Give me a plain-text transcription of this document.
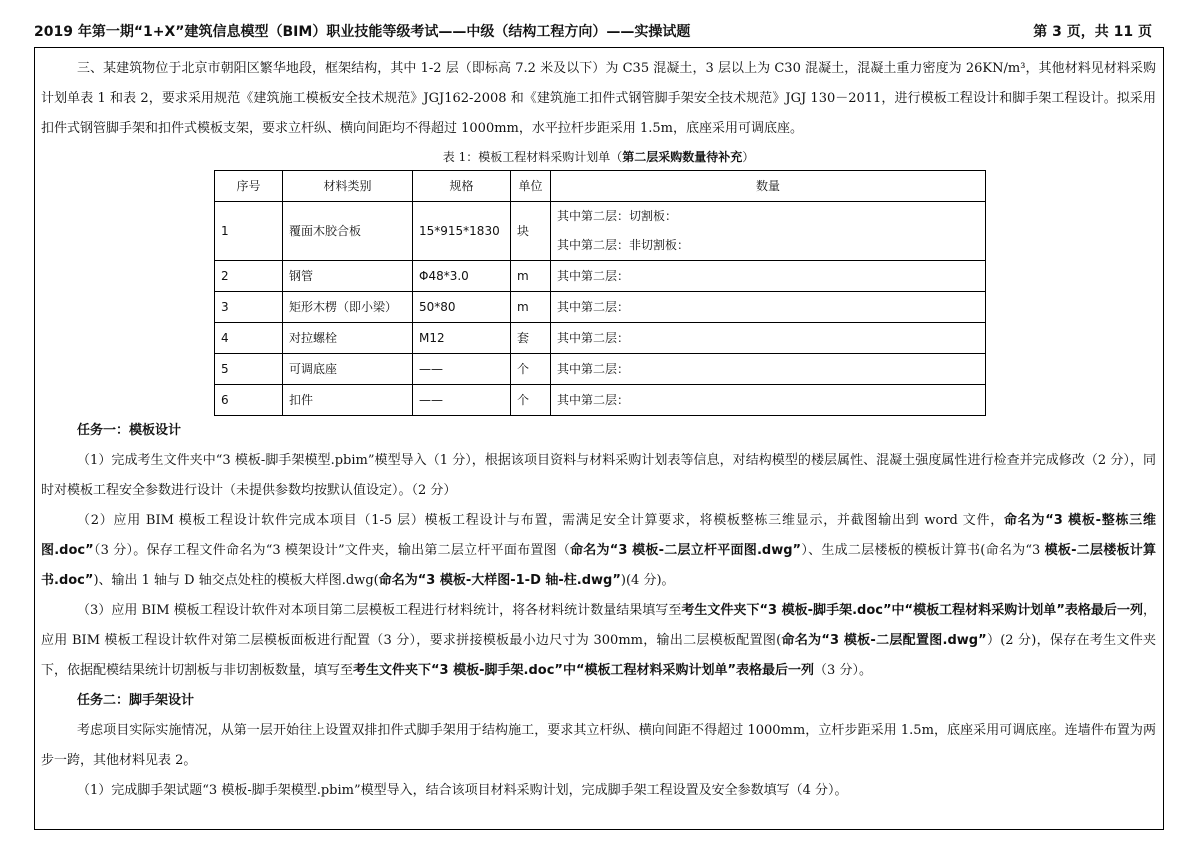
2019 年第一期“1+X”建筑信息模型（BIM）职业技能等级考试——中级（结构工程方向）——实操试题	第 3 页，共 11 页

三、某建筑物位于北京市朝阳区繁华地段，框架结构，其中 1-2 层（即标高 7.2 米及以下）为 C35 混凝土，3 层以上为 C30 混凝土，混凝土重力密度为 26KN/m³，其他材料见材料采购计划单表 1 和表 2，要求采用规范《建筑施工模板安全技术规范》JGJ162-2008 和《建筑施工扣件式钢管脚手架安全技术规范》JGJ 130－2011，进行模板工程设计和脚手架工程设计。拟采用扣件式钢管脚手架和扣件式模板支架，要求立杆纵、横向间距均不得超过 1000mm，水平拉杆步距采用 1.5m，底座采用可调底座。

表 1：模板工程材料采购计划单（第二层采购数量待补充）
序号	材料类别	规格	单位	数量
1	覆面木胶合板	15*915*1830	块	其中第二层：切割板：
其中第二层：非切割板：

2	钢管	Φ48*3.0	m	其中第二层：
3	矩形木楞（即小梁）	50*80	m	其中第二层：
4	对拉螺栓	M12	套	其中第二层：
5	可调底座	——	个	其中第二层：
6	扣件	——	个	其中第二层：
任务一：模板设计

（1）完成考生文件夹中“3 模板-脚手架模型.pbim”模型导入（1 分），根据该项目资料与材料采购计划表等信息，对结构模型的楼层属性、混凝土强度属性进行检查并完成修改（2 分），同时对模板工程安全参数进行设计（未提供参数均按默认值设定）。（2 分）

（2）应用 BIM 模板工程设计软件完成本项目（1-5 层）模板工程设计与布置，需满足安全计算要求，将模板整栋三维显示，并截图输出到 word 文件，命名为“3 模板-整栋三维图.doc”（3 分）。保存工程文件命名为“3 模架设计”文件夹，输出第二层立杆平面布置图（命名为“3 模板-二层立杆平面图.dwg”）、生成二层楼板的模板计算书(命名为“3 模板-二层楼板计算书.doc”)、输出 1 轴与 D 轴交点处柱的模板大样图.dwg(命名为“3 模板-大样图-1-D 轴-柱.dwg”)(4 分)。

（3）应用 BIM 模板工程设计软件对本项目第二层模板工程进行材料统计，将各材料统计数量结果填写至考生文件夹下“3 模板-脚手架.doc”中“模板工程材料采购计划单”表格最后一列，应用 BIM 模板工程设计软件对第二层模板面板进行配置（3 分），要求拼接模板最小边尺寸为 300mm，输出二层模板配置图(命名为“3 模板-二层配置图.dwg”）(2 分)，保存在考生文件夹下，依据配模结果统计切割板与非切割板数量，填写至考生文件夹下“3 模板-脚手架.doc”中“模板工程材料采购计划单”表格最后一列（3 分）。

任务二：脚手架设计

考虑项目实际实施情况，从第一层开始往上设置双排扣件式脚手架用于结构施工，要求其立杆纵、横向间距不得超过 1000mm，立杆步距采用 1.5m，底座采用可调底座。连墙件布置为两步一跨，其他材料见表 2。

（1）完成脚手架试题“3 模板-脚手架模型.pbim”模型导入，结合该项目材料采购计划，完成脚手架工程设置及安全参数填写（4 分）。
